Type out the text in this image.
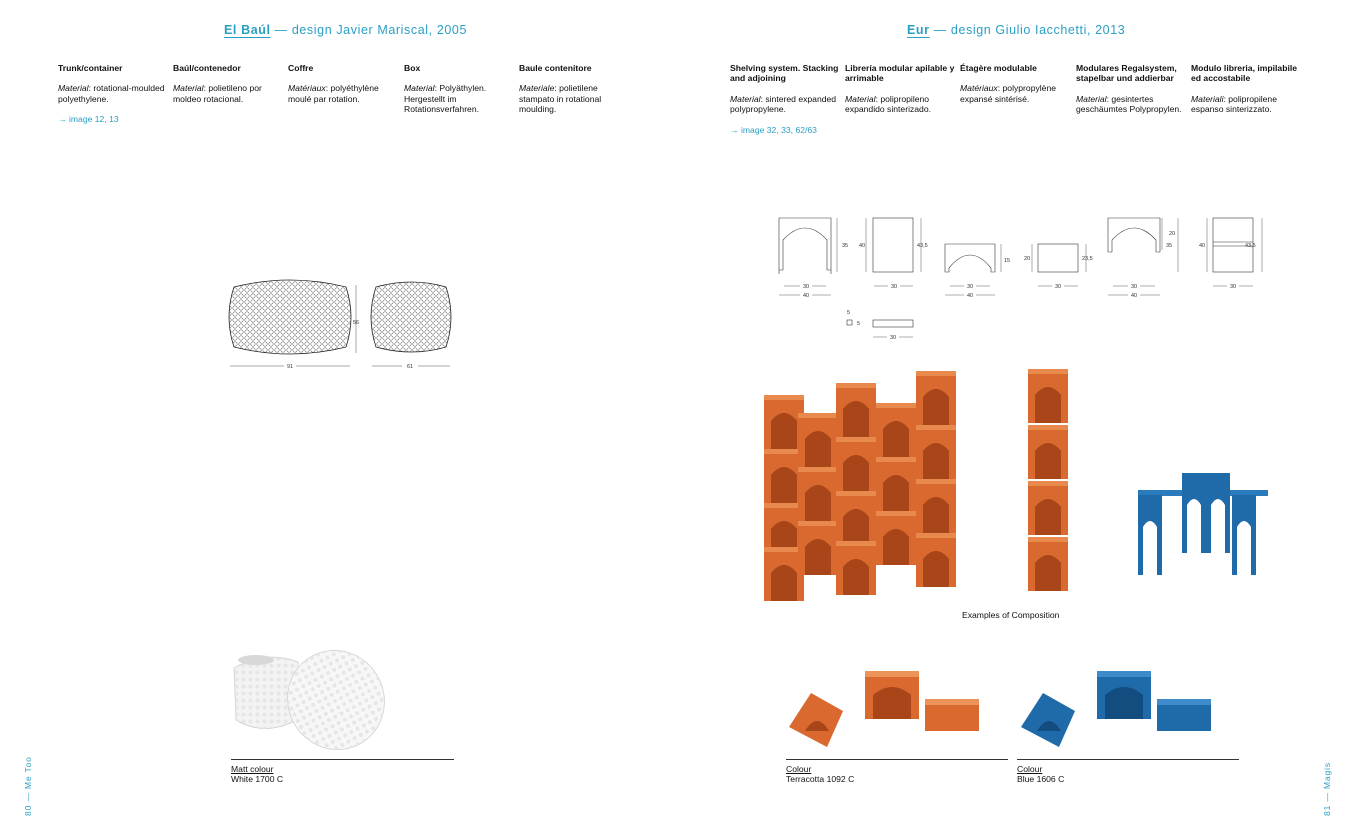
El Baúl — design Javier Mariscal, 2005
Trunk/container

Material: rotational-moulded polyethylene.

→ image 12, 13
Baúl/contenedor

Material: polietileno por moldeo rotacional.

Coffre

Matériaux: polyéthylène moulé par rotation.

Box

Material: Polyäthylen. Hergestellt im Rotationsverfahren.

Baule contenitore

Materiale: polietilene stampato in rotational moulding.

56
91	61
Matt colour
White 1700 C
80 — Me Too
Eur — design Giulio Iacchetti, 2013
Shelving system. Stacking and adjoining

Material: sintered expanded polypropylene.

→ image 32, 33, 62/63
Librería modular apilable y arrimable

Material: polipropileno expandido sinterizado.

Étagère modulable

Matériaux: polypropylène expansé sintérisé.

Modulares Regalsystem, stapelbar und addierbar

Material: gesintertes geschäumtes Polypropylen.

Modulo libreria, impilabile ed accostabile

Materiali: polipropilene espanso sinterizzato.

35 40	43,5
15	20	23,5
20
35	40	43,5
30
40
30	30
40
30	30
40
30
5
5
30
Examples of Composition
Colour
Terracotta 1092 C
Colour
Blue 1606 C	81 — Magis
